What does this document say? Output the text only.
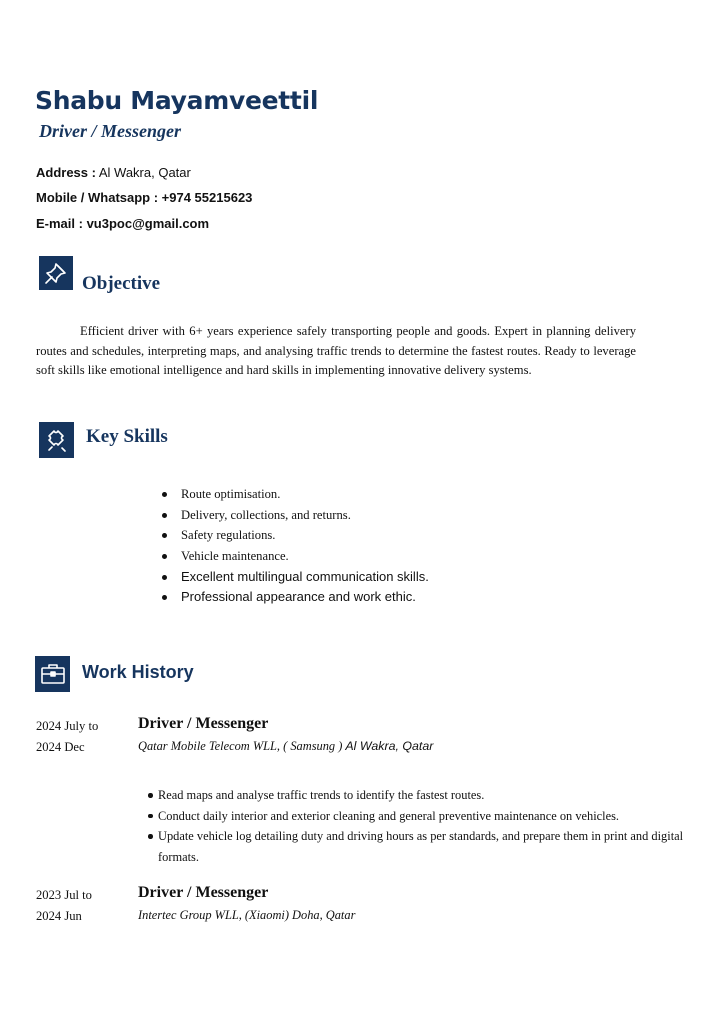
Shabu Mayamveettil
Driver / Messenger
Address : Al Wakra, Qatar
Mobile / Whatsapp : +974 55215623
E-mail : vu3poc@gmail.com
Objective
Efficient driver with 6+ years experience safely transporting people and goods. Expert in planning delivery routes and schedules, interpreting maps, and analysing traffic trends to determine the fastest routes. Ready to leverage soft skills like emotional intelligence and hard skills in implementing innovative delivery systems.
Key Skills
Route optimisation.
Delivery, collections, and returns.
Safety regulations.
Vehicle maintenance.
Excellent multilingual communication skills.
Professional appearance and work ethic.
Work History
2024 July to
2024 Dec
Driver / Messenger
Qatar Mobile Telecom WLL, ( Samsung ) Al Wakra, Qatar
Read maps and analyse traffic trends to identify the fastest routes.
Conduct daily interior and exterior cleaning and general preventive maintenance on vehicles.
Update vehicle log detailing duty and driving hours as per standards, and prepare them in print and digital formats.
2023 Jul to
2024 Jun
Driver / Messenger
Intertec Group WLL, (Xiaomi) Doha, Qatar
